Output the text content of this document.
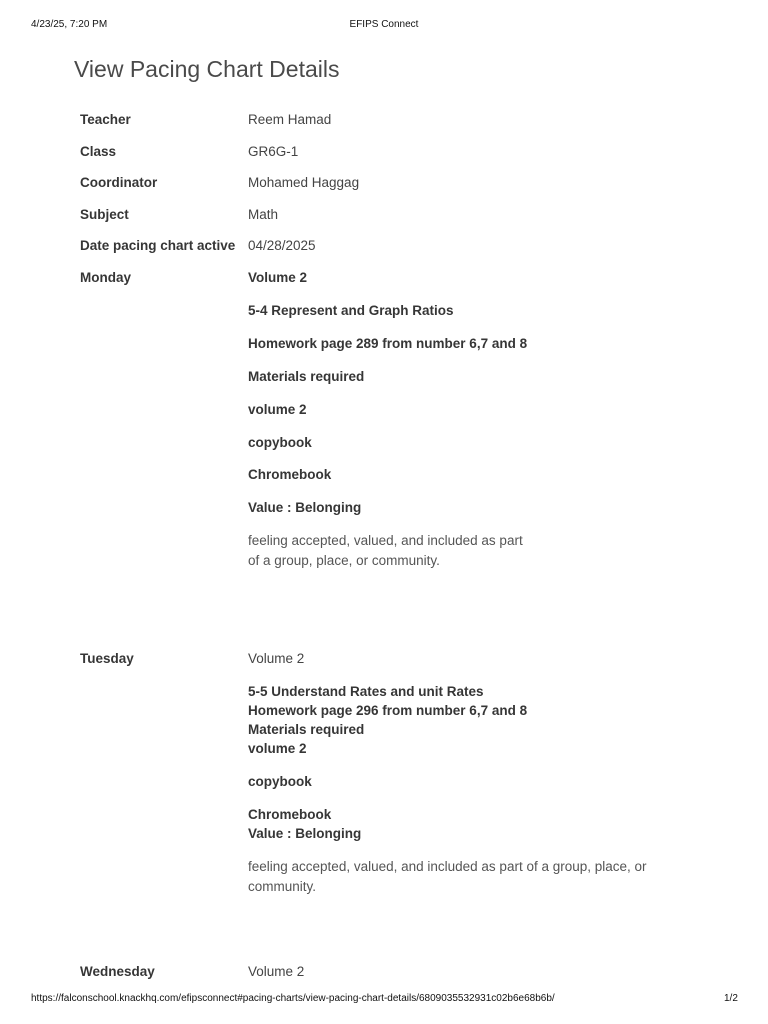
4/23/25, 7:20 PM	EFIPS Connect
View Pacing Chart Details
Teacher	Reem Hamad
Class	GR6G-1
Coordinator	Mohamed Haggag
Subject	Math
Date pacing chart active 04/28/2025
Monday	Volume 2
5-4 Represent and Graph Ratios
Homework page 289 from number 6,7 and 8
Materials required
volume 2
copybook
Chromebook
Value : Belonging
feeling accepted, valued, and included as part
of a group, place, or community.
Tuesday	Volume 2
5-5 Understand Rates and unit Rates
Homework page 296 from number 6,7 and 8
Materials required
volume 2
copybook
Chromebook
Value : Belonging
feeling accepted, valued, and included as part of a group, place, or
community.
Wednesday	Volume 2
https://falconschool.knackhq.com/efipsconnect#pacing-charts/view-pacing-chart-details/6809035532931c02b6e68b6b/	1/2
